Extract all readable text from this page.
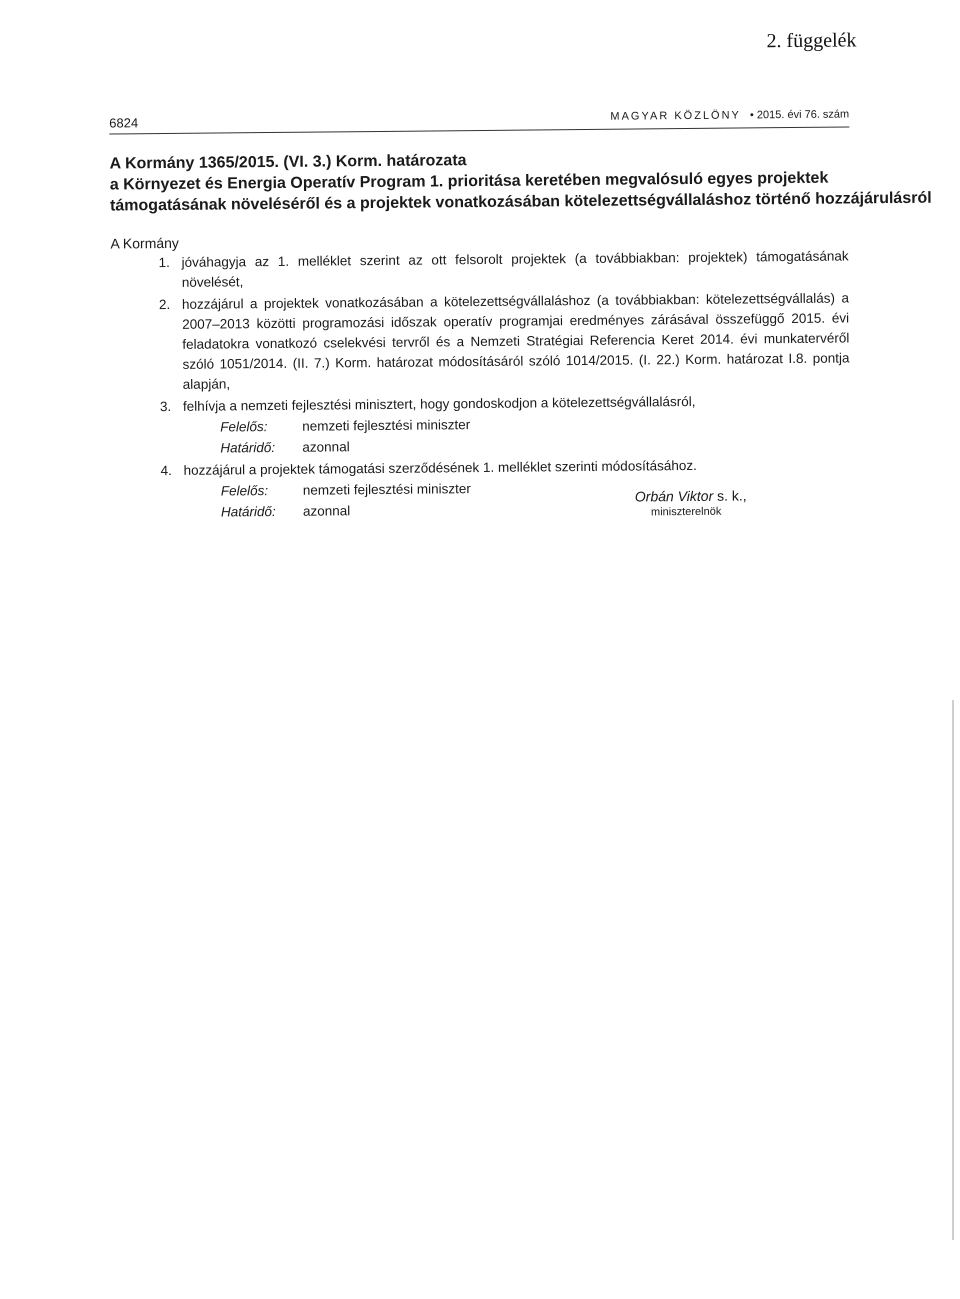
2. függelék
6824	MAGYAR KÖZLÖNY • 2015. évi 76. szám
A Kormány 1365/2015. (VI. 3.) Korm. határozata
a Környezet és Energia Operatív Program 1. prioritása keretében megvalósuló egyes projektek
támogatásának növeléséről és a projektek vonatkozásában kötelezettségvállaláshoz történő hozzájárulásról
A Kormány
1. jóváhagyja az 1. melléklet szerint az ott felsorolt projektek (a továbbiakban: projektek) támogatásának növelését,
2. hozzájárul a projektek vonatkozásában a kötelezettségvállaláshoz (a továbbiakban: kötelezettségvállalás) a 2007–2013 közötti programozási időszak operatív programjai eredményes zárásával összefüggő 2015. évi feladatokra vonatkozó cselekvési tervről és a Nemzeti Stratégiai Referencia Keret 2014. évi munkatervéről szóló 1051/2014. (II. 7.) Korm. határozat módosításáról szóló 1014/2015. (I. 22.) Korm. határozat I.8. pontja alapján,
3. felhívja a nemzeti fejlesztési minisztert, hogy gondoskodjon a kötelezettségvállalásról,
Felelős:	nemzeti fejlesztési miniszter
Határidő: azonnal
4. hozzájárul a projektek támogatási szerződésének 1. melléklet szerinti módosításához.
Felelős:	nemzeti fejlesztési miniszter
Határidő: azonnal
Orbán Viktor s. k.,
miniszterelnök
